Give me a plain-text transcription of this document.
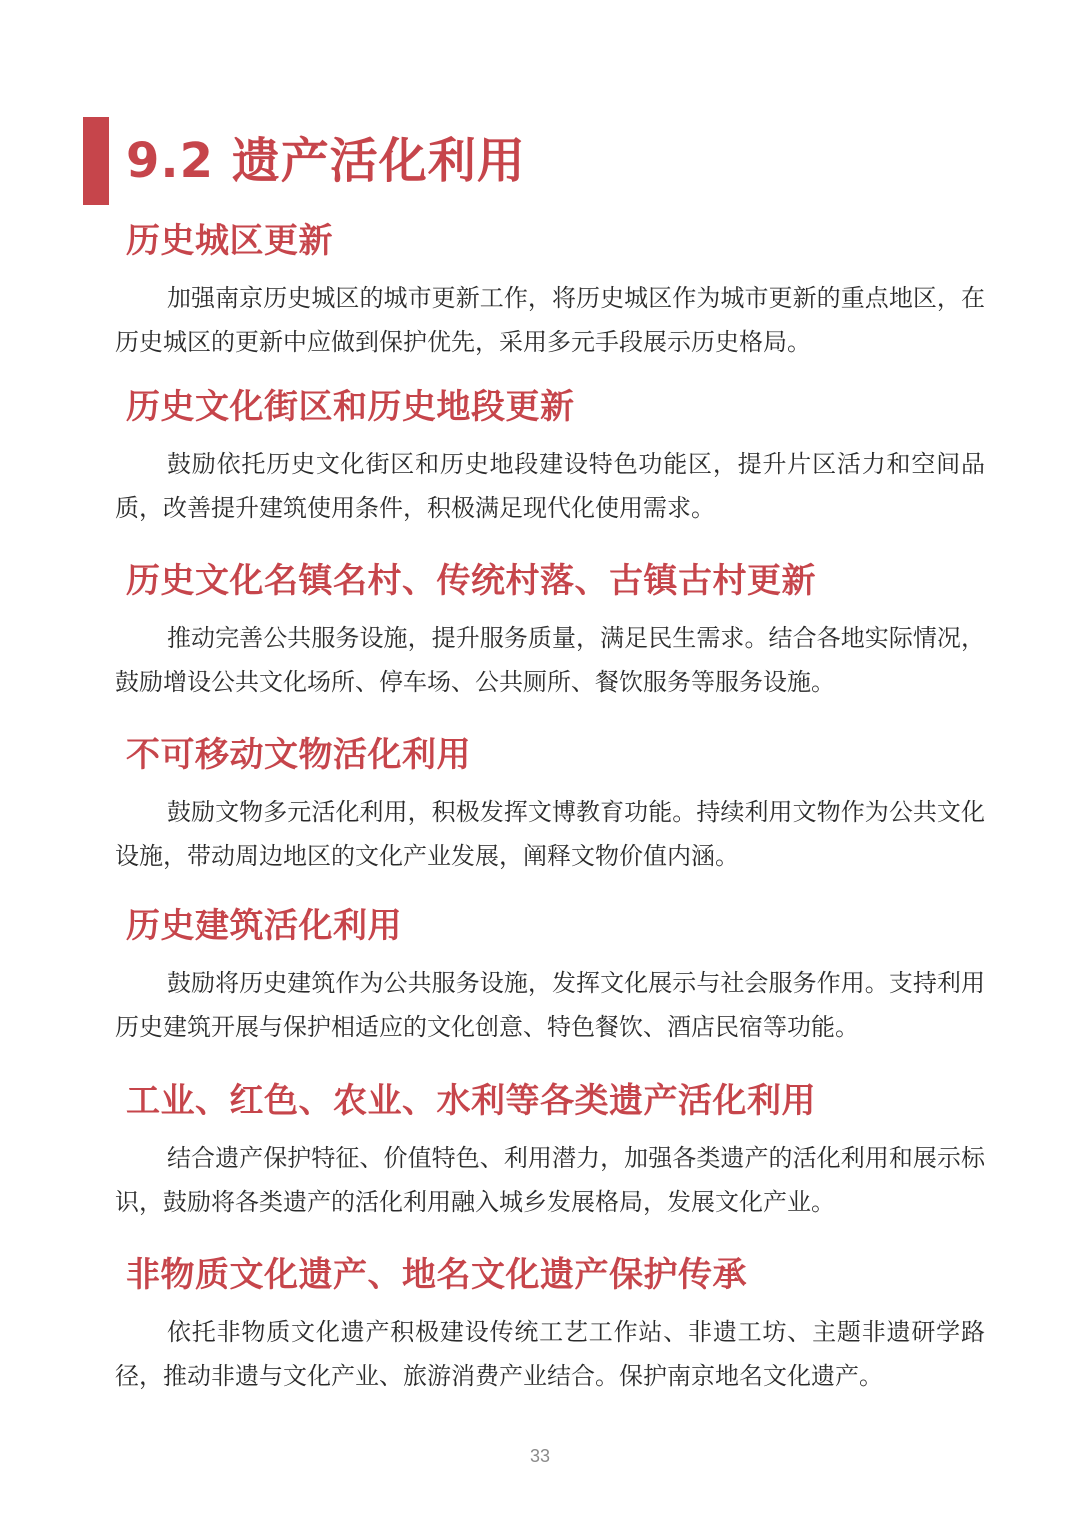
9.2 遗产活化利用
历史城区更新

加强南京历史城区的城市更新工作，将历史城区作为城市更新的重点地区，在历史城区的更新中应做到保护优先，采用多元手段展示历史格局。

历史文化街区和历史地段更新

鼓励依托历史文化街区和历史地段建设特色功能区，提升片区活力和空间品质，改善提升建筑使用条件，积极满足现代化使用需求。

历史文化名镇名村、传统村落、古镇古村更新

推动完善公共服务设施，提升服务质量，满足民生需求。结合各地实际情况，鼓励增设公共文化场所、停车场、公共厕所、餐饮服务等服务设施。

不可移动文物活化利用

鼓励文物多元活化利用，积极发挥文博教育功能。持续利用文物作为公共文化设施，带动周边地区的文化产业发展，阐释文物价值内涵。

历史建筑活化利用

鼓励将历史建筑作为公共服务设施，发挥文化展示与社会服务作用。支持利用历史建筑开展与保护相适应的文化创意、特色餐饮、酒店民宿等功能。

工业、红色、农业、水利等各类遗产活化利用

结合遗产保护特征、价值特色、利用潜力，加强各类遗产的活化利用和展示标识，鼓励将各类遗产的活化利用融入城乡发展格局，发展文化产业。

非物质文化遗产、地名文化遗产保护传承

依托非物质文化遗产积极建设传统工艺工作站、非遗工坊、主题非遗研学路径，推动非遗与文化产业、旅游消费产业结合。保护南京地名文化遗产。

33
